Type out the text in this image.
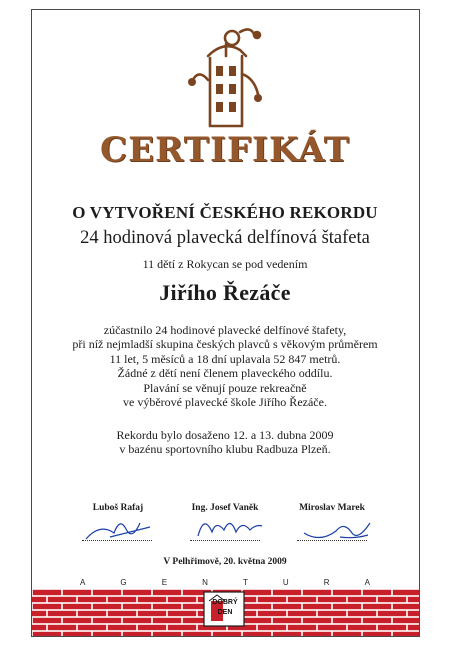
CERTIFIKÁT
O VYTVOŘENÍ ČESKÉHO REKORDU
24 hodinová plavecká delfínová štafeta
11 dětí z Rokycan se pod vedením
Jiřího Řezáče
zúčastnilo 24 hodinové plavecké delfínové štafety,
při níž nejmladší skupina českých plavců s věkovým průměrem
11 let, 5 měsíců a 18 dní uplavala 52 847 metrů.
Žádné z dětí není členem plaveckého oddílu.
Plavání se věnují pouze rekreačně
ve výběrové plavecké škole Jiřího Řezáče.
Rekordu bylo dosaženo 12. a 13. dubna 2009
v bazénu sportovního klubu Radbuza Plzeň.
Luboš Rafaj	Ing. Josef Vaněk	Miroslav Marek
V Pelhřimově, 20. května 2009
A	G	E	N	T	U	R	A
DOBRÝ
DEN
